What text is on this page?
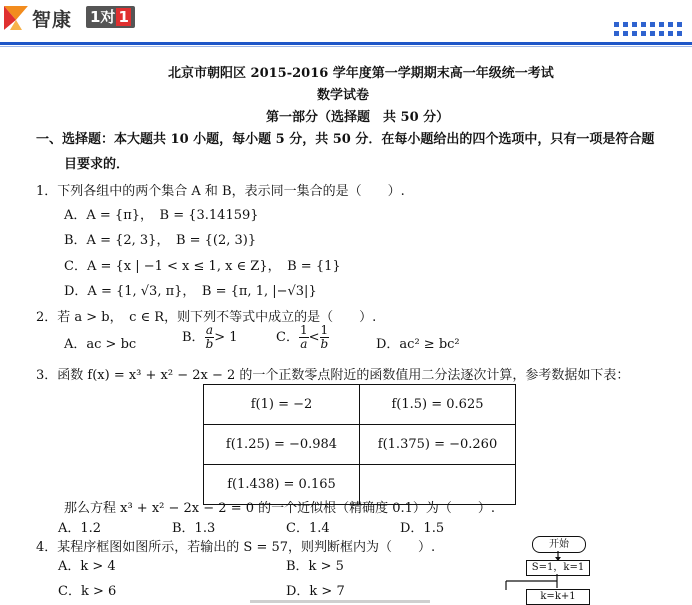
智康 1对 1
北京市朝阳区 2015-2016 学年度第一学期期末高一年级统一考试
数学试卷
第一部分（选择题　共 50 分）
一、选择题：本大题共 10 小题，每小题 5 分，共 50 分．在每小题给出的四个选项中，只有一项是符合题
目要求的．
1．下列各组中的两个集合 A 和 B，表示同一集合的是（　　）.
A．A = {π}，　B = {3.14159}
B．A = {2, 3}，　B = {(2, 3)}
C．A = {x | −1 < x ≤ 1, x ∈ Z}，　B = {1}
D．A = {1, √3, π}，　B = {π, 1, |−√3|}
2．若 a > b，　c ∈ R，则下列不等式中成立的是（　　）.
A．ac > bc	B． $\frac{a}{b} > 1$	C． $\frac{1}{a} < \frac{1}{b}$	D．ac² ≥ bc²
3．函数 f(x) = x³ + x² − 2x − 2 的一个正数零点附近的函数值用二分法逐次计算，参考数据如下表：
f(1) = −2	f(1.5) = 0.625
f(1.25) = −0.984	f(1.375) = −0.260
f(1.438) = 0.165	
那么方程 x³ + x² − 2x − 2 = 0 的一个近似根（精确度 0.1）为（　　）.
A．1.2	B．1.3	C．1.4	D．1.5
4．某程序框图如图所示，若输出的 S = 57，则判断框内为（　　）.
A．k > 4	B．k > 5
C．k > 6	D．k > 7
开始
S=1，k=1
k=k+1
